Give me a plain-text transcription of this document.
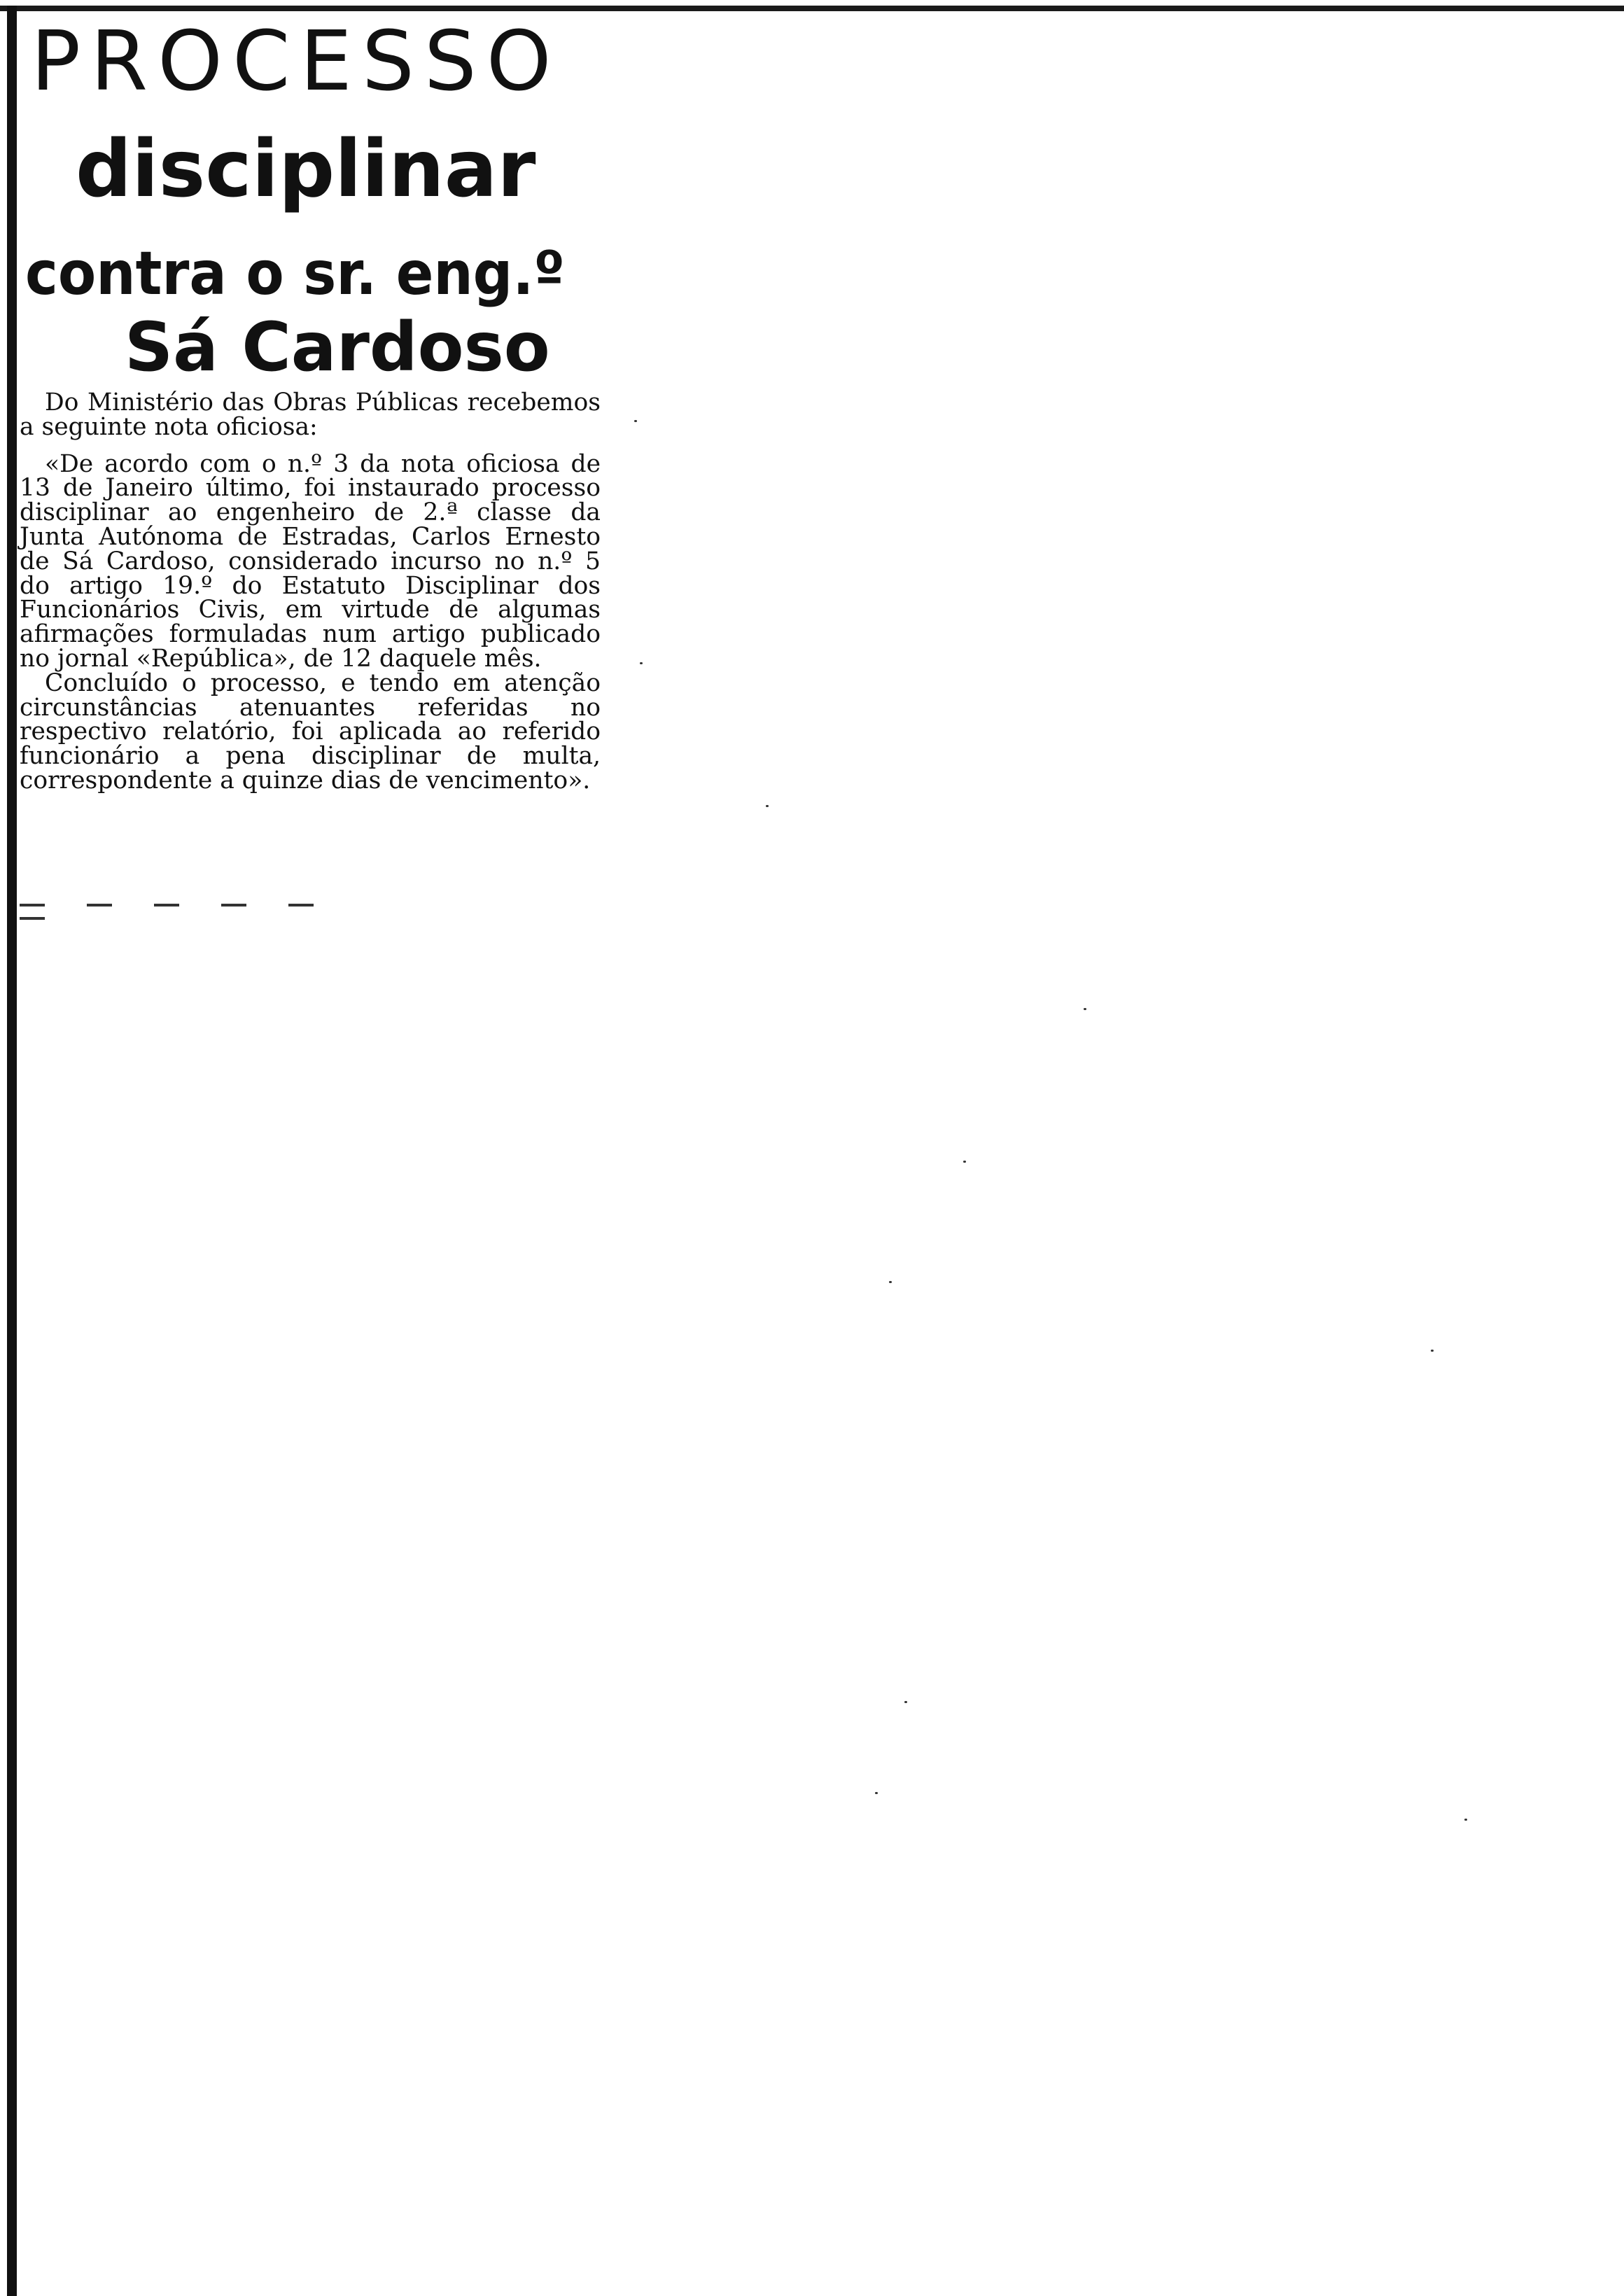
PROCESSO
disciplinar
contra o sr. eng.º
Sá Cardoso

Do Ministério das Obras Públicas recebemos a seguinte nota oficiosa:

«De acordo com o n.º 3 da nota oficiosa de 13 de Janeiro último, foi instaurado processo disciplinar ao engenheiro de 2.ª classe da Junta Autónoma de Estradas, Carlos Ernesto de Sá Cardoso, considerado incurso no n.º 5 do artigo 19.º do Estatuto Disciplinar dos Funcionários Civis, em virtude de algumas afirmações formuladas num artigo publicado no jornal «República», de 12 daquele mês.

Concluído o processo, e tendo em atenção circunstâncias atenuantes referidas no respectivo relatório, foi aplicada ao referido funcionário a pena disciplinar de multa, correspondente a quinze dias de vencimento».
